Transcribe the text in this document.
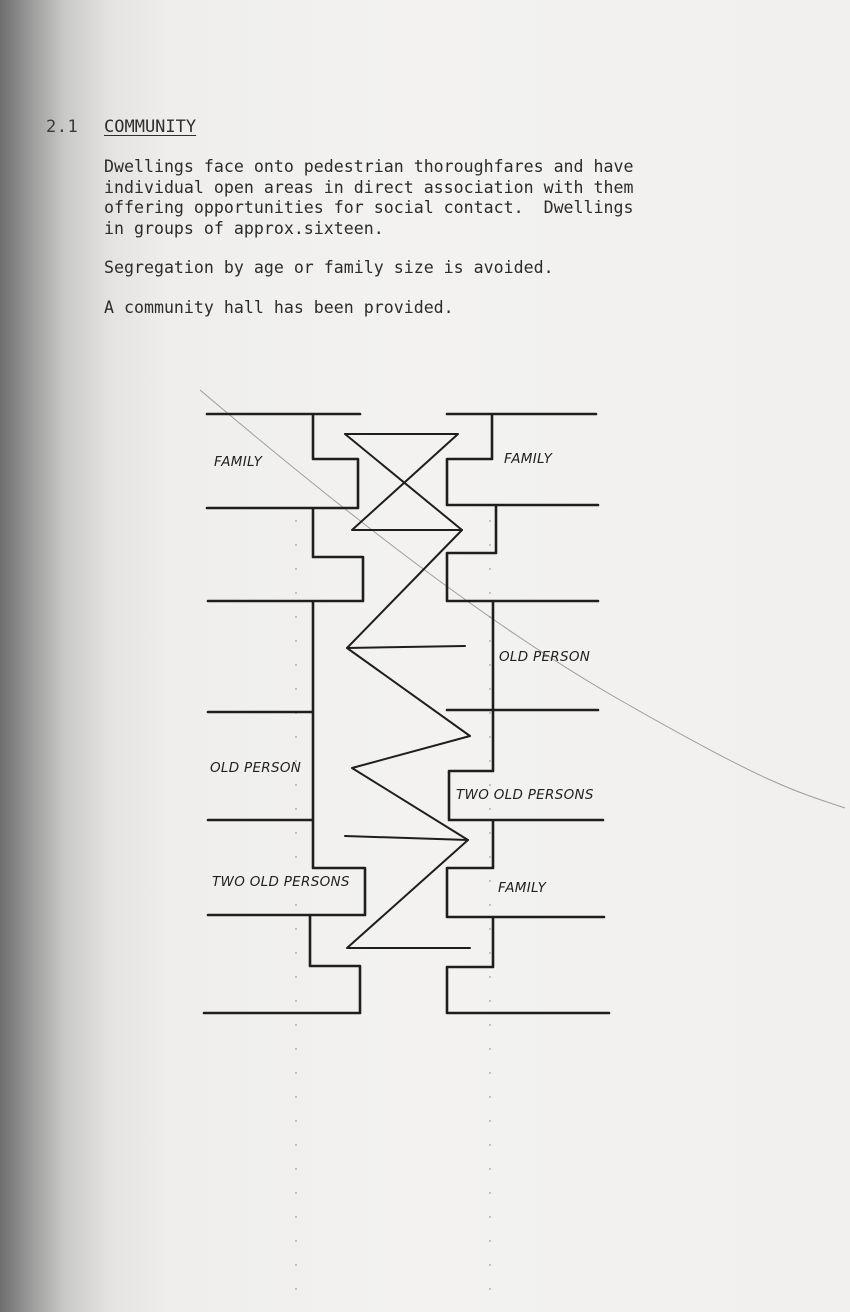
2.1 COMMUNITY

Dwellings face onto pedestrian thoroughfares and have
individual open areas in direct association with them
offering opportunities for social contact.  Dwellings
in groups of approx.sixteen.

Segregation by age or family size is avoided.

A community hall has been provided.

FAMILY	FAMILY
OLD PERSON
OLD PERSON
TWO OLD PERSONS
TWO OLD PERSONS	FAMILY
